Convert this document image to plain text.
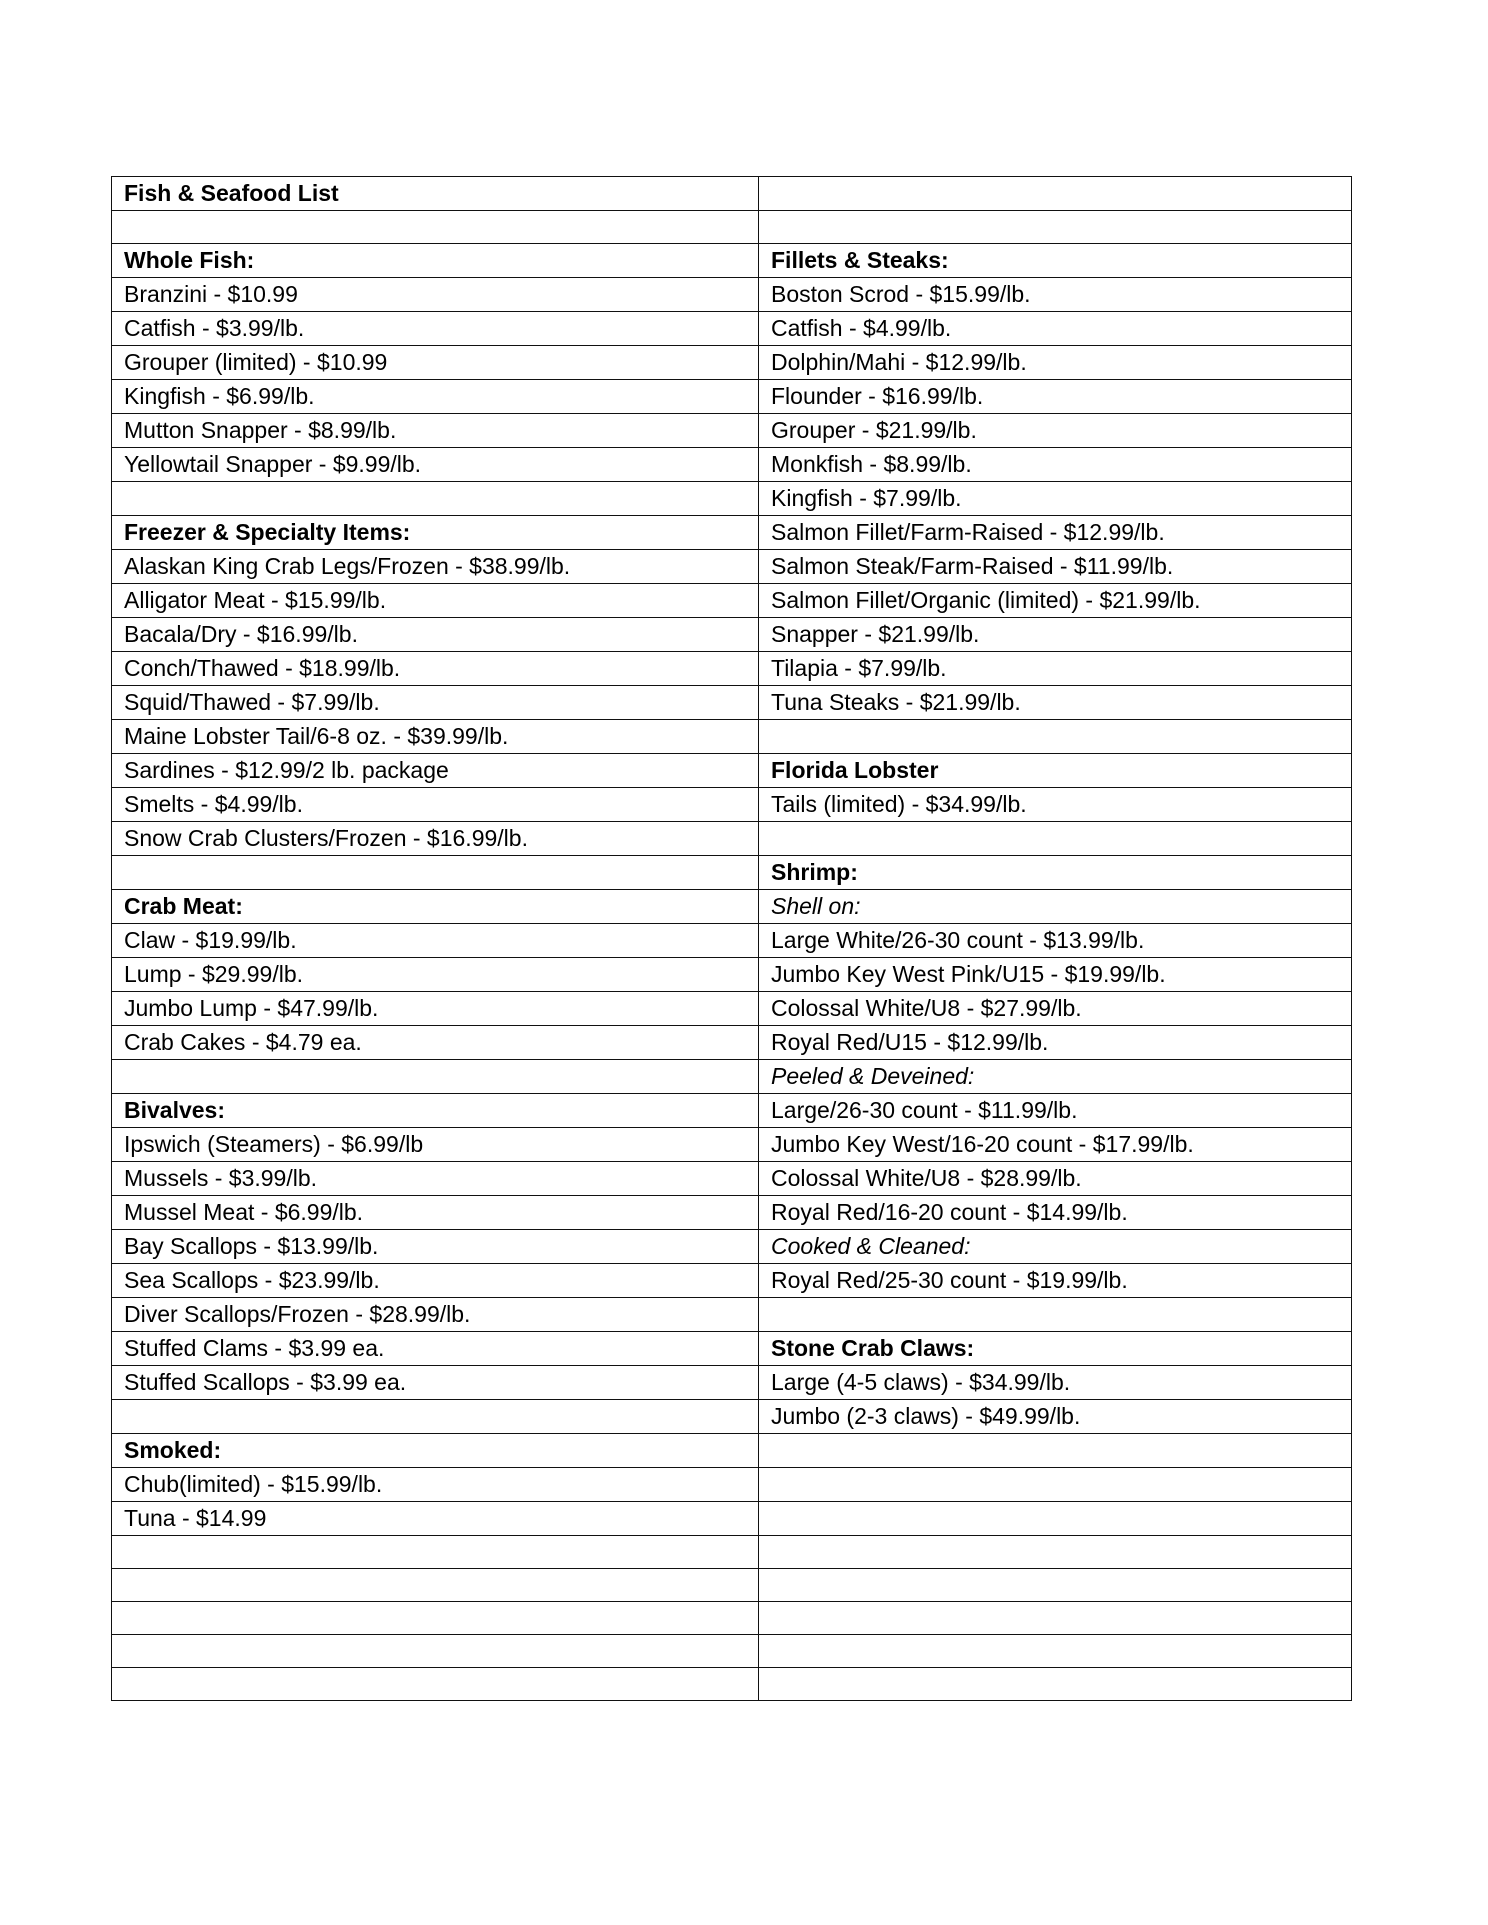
Fish & Seafood List	

Whole Fish:	Fillets & Steaks:
Branzini - $10.99	Boston Scrod - $15.99/lb.
Catfish - $3.99/lb.	Catfish - $4.99/lb.
Grouper (limited) - $10.99	Dolphin/Mahi - $12.99/lb.
Kingfish - $6.99/lb.	Flounder - $16.99/lb.
Mutton Snapper - $8.99/lb.	Grouper - $21.99/lb.
Yellowtail Snapper - $9.99/lb.	Monkfish - $8.99/lb.
	Kingfish - $7.99/lb.
Freezer & Specialty Items:	Salmon Fillet/Farm-Raised - $12.99/lb.
Alaskan King Crab Legs/Frozen - $38.99/lb.	Salmon Steak/Farm-Raised - $11.99/lb.
Alligator Meat - $15.99/lb.	Salmon Fillet/Organic (limited) - $21.99/lb.
Bacala/Dry - $16.99/lb.	Snapper - $21.99/lb.
Conch/Thawed - $18.99/lb.	Tilapia - $7.99/lb.
Squid/Thawed - $7.99/lb.	Tuna Steaks - $21.99/lb.
Maine Lobster Tail/6-8 oz. - $39.99/lb.	
Sardines - $12.99/2 lb. package	Florida Lobster
Smelts - $4.99/lb.	Tails (limited) - $34.99/lb.
Snow Crab Clusters/Frozen - $16.99/lb.	
	Shrimp:
Crab Meat:	Shell on:
Claw - $19.99/lb.	Large White/26-30 count - $13.99/lb.
Lump - $29.99/lb.	Jumbo Key West Pink/U15 - $19.99/lb.
Jumbo Lump - $47.99/lb.	Colossal White/U8 - $27.99/lb.
Crab Cakes - $4.79 ea.	Royal Red/U15 - $12.99/lb.
	Peeled & Deveined:
Bivalves:	Large/26-30 count - $11.99/lb.
Ipswich (Steamers) - $6.99/lb	Jumbo Key West/16-20 count - $17.99/lb.
Mussels - $3.99/lb.	Colossal White/U8 - $28.99/lb.
Mussel Meat - $6.99/lb.	Royal Red/16-20 count - $14.99/lb.
Bay Scallops - $13.99/lb.	Cooked & Cleaned:
Sea Scallops - $23.99/lb.	Royal Red/25-30 count - $19.99/lb.
Diver Scallops/Frozen - $28.99/lb.	
Stuffed Clams - $3.99 ea.	Stone Crab Claws:
Stuffed Scallops - $3.99 ea.	Large (4-5 claws) - $34.99/lb.
	Jumbo (2-3 claws) - $49.99/lb.
Smoked:	
Chub(limited) - $15.99/lb.	
Tuna - $14.99	
